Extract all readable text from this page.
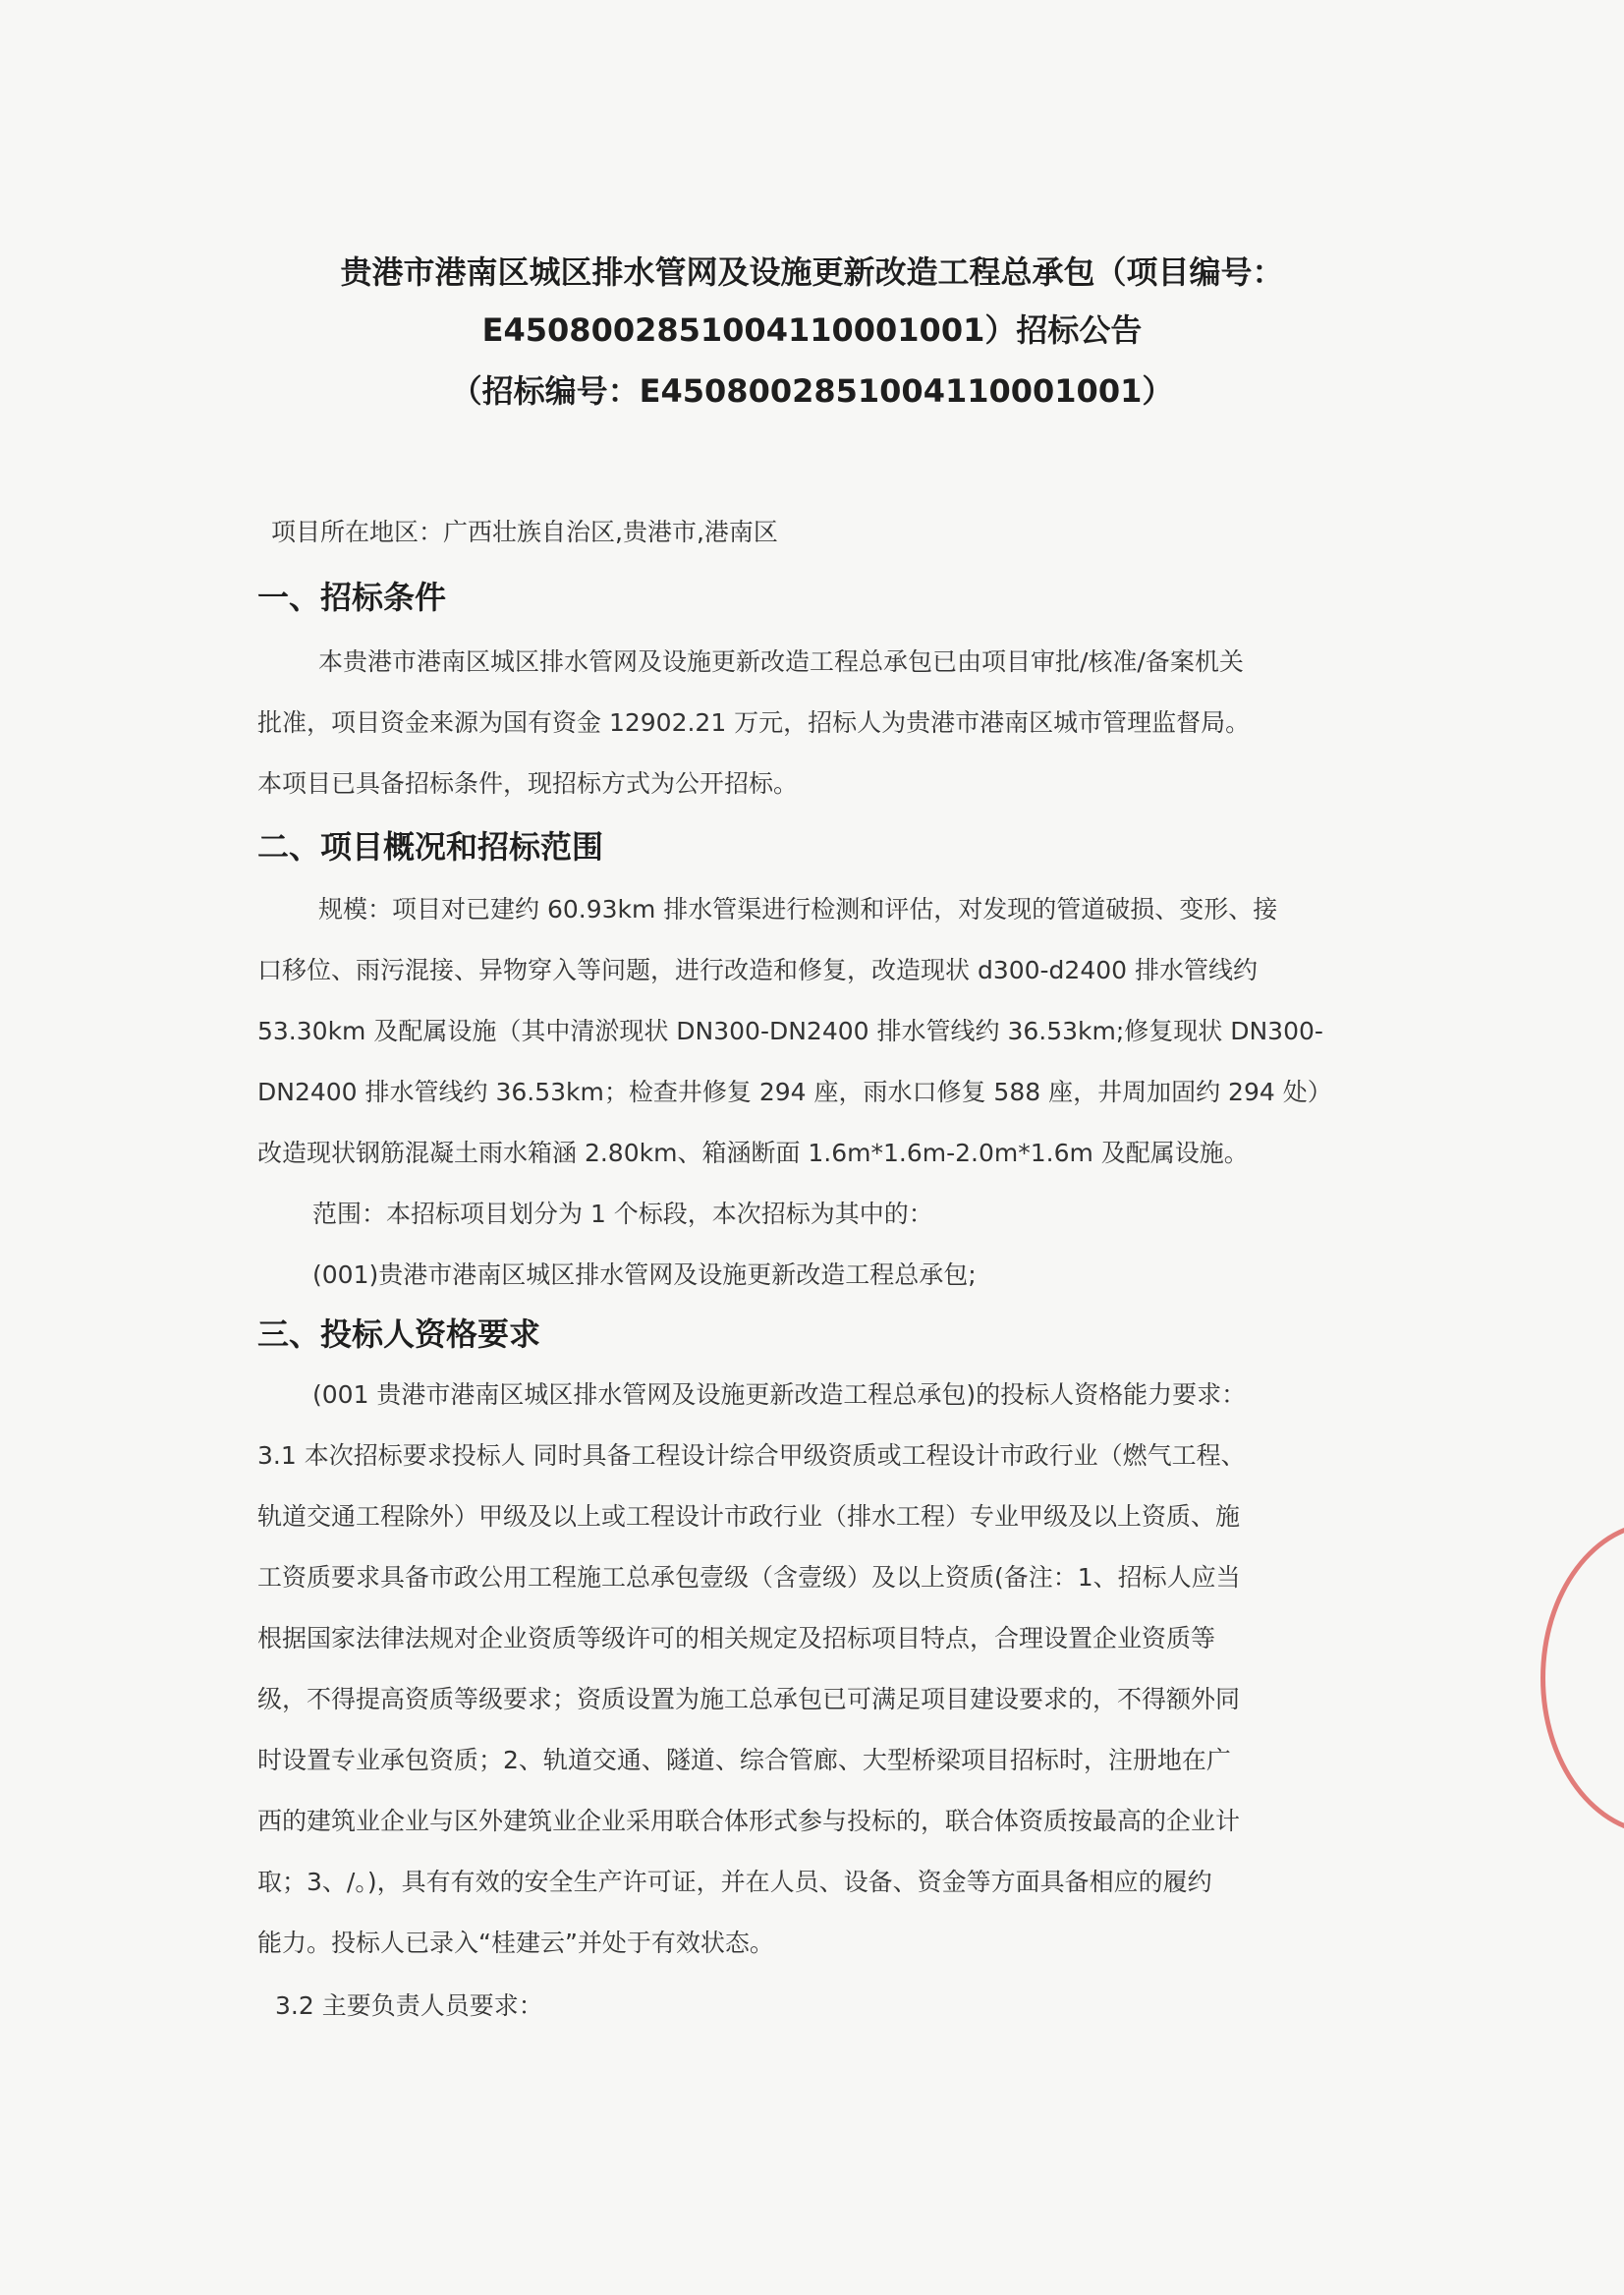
贵港市港南区城区排水管网及设施更新改造工程总承包（项目编号：
E45080028510041100010​01）招标公告
（招标编号：E4508002851004110001001）
项目所在地区：广西壮族自治区,贵港市,港南区
一、招标条件
本贵港市港南区城区排水管网及设施更新改造工程总承包已由项目审批/核准/备案机关
批准，项目资金来源为国有资金 12902.21 万元，招标人为贵港市港南区城市管理监督局。
本项目已具备招标条件，现招标方式为公开招标。
二、项目概况和招标范围
规模：项目对已建约 60.93km 排水管渠进行检测和评估，对发现的管道破损、变形、接
口移位、雨污混接、异物穿入等问题，进行改造和修复，改造现状 d300-d2400 排水管线约
53.30km 及配属设施（其中清淤现状 DN300-DN2400 排水管线约 36.53km;修复现状 DN300-
DN2400 排水管线约 36.53km；检查井修复 294 座，雨水口修复 588 座，井周加固约 294 处）
改造现状钢筋混凝土雨水箱涵 2.80km、箱涵断面 1.6m*1.6m-2.0m*1.6m 及配属设施。
范围：本招标项目划分为 1 个标段，本次招标为其中的：
(001)贵港市港南区城区排水管网及设施更新改造工程总承包;
三、投标人资格要求
(001 贵港市港南区城区排水管网及设施更新改造工程总承包)的投标人资格能力要求：
3.1 本次招标要求投标人 同时具备工程设计综合甲级资质或工程设计市政行业（燃气工程、
轨道交通工程除外）甲级及以上或工程设计市政行业（排水工程）专业甲级及以上资质、施
工资质要求具备市政公用工程施工总承包壹级（含壹级）及以上资质(备注：1、招标人应当
根据国家法律法规对企业资质等级许可的相关规定及招标项目特点，合理设置企业资质等
级，不得提高资质等级要求；资质设置为施工总承包已可满足项目建设要求的，不得额外同
时设置专业承包资质；2、轨道交通、隧道、综合管廊、大型桥梁项目招标时，注册地在广
西的建筑业企业与区外建筑业企业采用联合体形式参与投标的，联合体资质按最高的企业计
取；3、/。)，具有有效的安全生产许可证，并在人员、设备、资金等方面具备相应的履约
能力。投标人已录入“桂建云”并处于有效状态。
3.2 主要负责人员要求：
